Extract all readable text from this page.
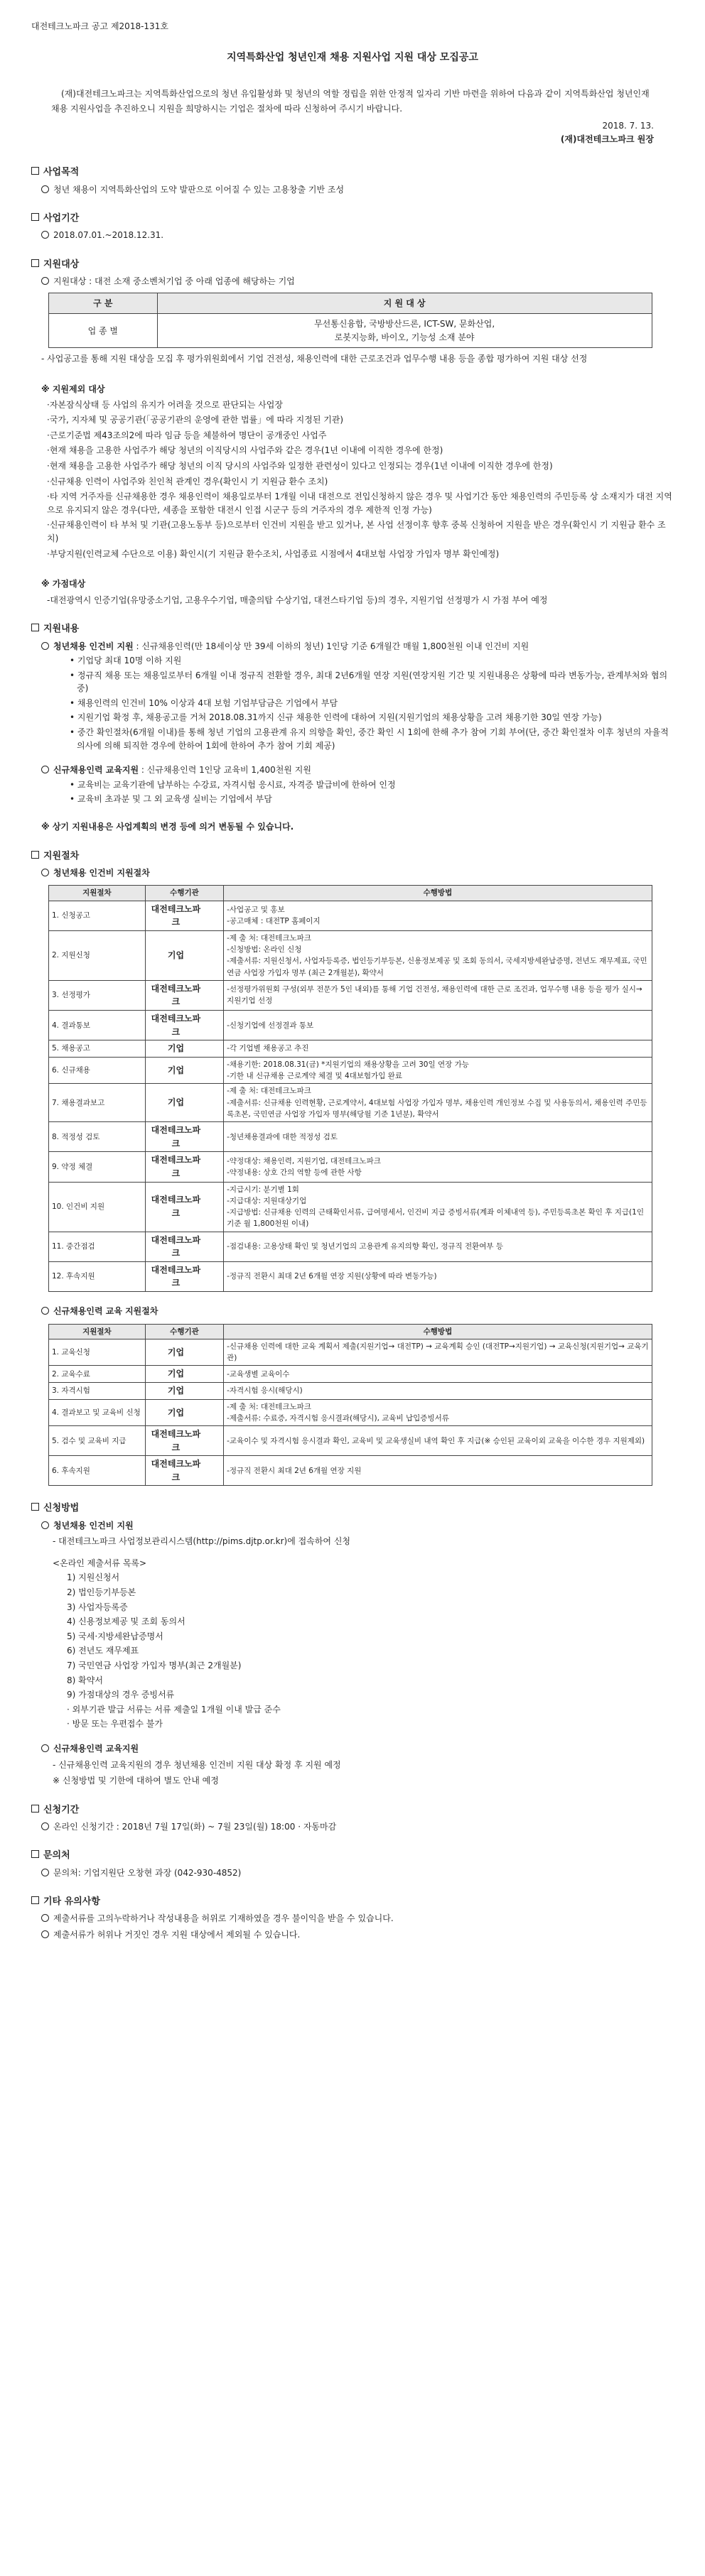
대전테크노파크 공고 제2018-131호
지역특화산업 청년인재 채용 지원사업 지원 대상 모집공고
(재)대전테크노파크는 지역특화산업으로의 청년 유입활성화 및 청년의 역할 정립을 위한 안정적 일자리 기반 마련을 위하여 다음과 같이 지역특화산업 청년인재 채용 지원사업을 추진하오니 지원을 희망하시는 기업은 절차에 따라 신청하여 주시기 바랍니다.
2018. 7. 13.
(재)대전테크노파크 원장
사업목적
청년 채용이 지역특화산업의 도약 발판으로 이어질 수 있는 고용창출 기반 조성
사업기간
2018.07.01.~2018.12.31.
지원대상
지원대상 : 대전 소재 중소벤처기업 중 아래 업종에 해당하는 기업
구 분	지 원 대 상
업 종 별	무선통신융합, 국방방산드론, ICT-SW, 문화산업,
로봇지능화, 바이오, 기능성 소재 분야
- 사업공고를 통해 지원 대상을 모집 후 평가위원회에서 기업 건전성, 채용인력에 대한 근로조건과 업무수행 내용 등을 종합 평가하여 지원 대상 선정
※ 지원제외 대상
·자본잠식상태 등 사업의 유지가 어려울 것으로 판단되는 사업장
·국가, 지자체 및 공공기관(「공공기관의 운영에 관한 법률」에 따라 지정된 기관)
·근로기준법 제43조의2에 따라 임금 등을 체불하여 명단이 공개중인 사업주
·현재 채용을 고용한 사업주가 해당 청년의 이직당시의 사업주와 같은 경우(1년 이내에 이직한 경우에 한정)
·현재 채용을 고용한 사업주가 해당 청년의 이직 당시의 사업주와 일정한 관련성이 있다고 인정되는 경우(1년 이내에 이직한 경우에 한정)
·신규채용 인력이 사업주와 친인척 관계인 경우(확인시 기 지원금 환수 조치)
·타 지역 거주자를 신규채용한 경우 채용인력이 채용일로부터 1개월 이내 대전으로 전입신청하지 않은 경우 및 사업기간 동안 채용인력의 주민등록 상 소재지가 대전 지역으로 유지되지 않은 경우(다만, 세종을 포함한 대전시 인접 시군구 등의 거주자의 경우 제한적 인정 가능)
·신규채용인력이 타 부처 및 기관(고용노동부 등)으로부터 인건비 지원을 받고 있거나, 본 사업 선정이후 향후 중복 신청하여 지원을 받은 경우(확인시 기 지원금 환수 조치)
·부당지원(인력교체 수단으로 이용) 확인시(기 지원금 환수조치, 사업종료 시점에서 4대보험 사업장 가입자 명부 확인예정)
※ 가점대상
-대전광역시 인증기업(유망중소기업, 고용우수기업, 매출의탑 수상기업, 대전스타기업 등)의 경우, 지원기업 선정평가 시 가점 부여 예정
지원내용
청년채용 인건비 지원 : 신규채용인력(만 18세이상 만 39세 이하의 청년) 1인당 기준 6개월간 매월 1,800천원 이내 인건비 지원
• 기업당 최대 10명 이하 지원
• 정규직 채용 또는 채용일로부터 6개월 이내 정규직 전환할 경우, 최대 2년6개월 연장 지원(연장지원 기간 및 지원내용은 상황에 따라 변동가능, 관계부처와 협의 중)
• 채용인력의 인건비 10% 이상과 4대 보험 기업부담금은 기업에서 부담
• 지원기업 확정 후, 채용공고를 거쳐 2018.08.31까지 신규 채용한 인력에 대하여 지원(지원기업의 채용상황을 고려 채용기한 30일 연장 가능)
• 중간 확인절차(6개월 이내)를 통해 청년 기업의 고용관계 유지 의향을 확인, 중간 확인 시 1회에 한해 추가 참여 기회 부여(단, 중간 확인절차 이후 청년의 자율적 의사에 의해 퇴직한 경우에 한하여 1회에 한하여 추가 참여 기회 제공)
신규채용인력 교육지원 : 신규채용인력 1인당 교육비 1,400천원 지원
• 교육비는 교육기관에 납부하는 수강료, 자격시험 응시료, 자격증 발급비에 한하여 인정
• 교육비 초과분 및 그 외 교육생 실비는 기업에서 부담
※ 상기 지원내용은 사업계획의 변경 등에 의거 변동될 수 있습니다.
지원절차
청년채용 인건비 지원절차
지원절차	수행기관	수행방법
1. 신청공고	대전테크노파크	-사업공고 및 홍보
-공고매체 : 대전TP 홈페이지

2. 지원신청	기업	-제 출 처: 대전테크노파크
-신청방법: 온라인 신청
-제출서류: 지원신청서, 사업자등록증, 법인등기부등본, 신용정보제공 및 조회 동의서, 국세지방세완납증명, 전년도 재무제표, 국민연금 사업장 가입자 명부 (최근 2개월분), 확약서

3. 선정평가	대전테크노파크	-선정평가위원회 구성(외부 전문가 5인 내외)를 통해 기업 건전성, 채용인력에 대한 근로 조건과, 업무수행 내용 등을 평가 실시→지원기업 선정

4. 결과통보	대전테크노파크	-신청기업에 선정결과 통보

5. 채용공고	기업	-각 기업별 채용공고 추진

6. 신규채용	기업	-채용기한: 2018.08.31(금) *지원기업의 채용상황을 고려 30일 연장 가능
-기한 내 신규채용 근로계약 체결 및 4대보험가입 완료

7. 채용결과보고	기업	-제 출 처: 대전테크노파크
-제출서류: 신규채용 인력현황, 근로계약서, 4대보험 사업장 가입자 명부, 채용인력 개인정보 수집 및 사용동의서, 채용인력 주민등록초본, 국민연금 사업장 가입자 명부(해당월 기준 1년분), 확약서

8. 적정성 검토	대전테크노파크	-청년채용결과에 대한 적정성 검토

9. 약정 체결	대전테크노파크	-약정대상: 채용인력, 지원기업, 대전테크노파크
-약정내용: 상호 간의 역할 등에 관한 사항

10. 인건비 지원	대전테크노파크	-지급시기: 분기별 1회
-지급대상: 지원대상기업
-지급방법: 신규채용 인력의 근태확인서류, 급여명세서, 인건비 지급 증빙서류(계좌 이체내역 등), 주민등록초본 확인 후 지급(1인 기준 월 1,800천원 이내)

11. 중간점검	대전테크노파크	-점검내용: 고용상태 확인 및 청년기업의 고용관계 유지의향 확인, 정규직 전환여부 등

12. 후속지원	대전테크노파크	-정규직 전환시 최대 2년 6개월 연장 지원(상황에 따라 변동가능)
신규채용인력 교육 지원절차
지원절차	수행기관	수행방법
1. 교육신청	기업	-신규채용 인력에 대한 교육 계획서 제출(지원기업→ 대전TP) → 교육계획 승인 (대전TP→지원기업) → 교육신청(지원기업→ 교육기관)

2. 교육수료	기업	-교육생별 교육이수

3. 자격시험	기업	-자격시험 응시(해당시)

4. 결과보고 및 교육비 신청	기업	-제 출 처: 대전테크노파크
-제출서류: 수료증, 자격시험 응시결과(해당시), 교육비 납입증빙서류

5. 검수 및 교육비 지급	대전테크노파크	-교육이수 및 자격시험 응시결과 확인, 교육비 및 교육생실비 내역 확인 후 지급(※ 승인된 교육이외 교육을 이수한 경우 지원제외)

6. 후속지원	대전테크노파크	-정규직 전환시 최대 2년 6개월 연장 지원
신청방법
청년채용 인건비 지원
- 대전테크노파크 사업정보관리시스템(http://pims.djtp.or.kr)에 접속하여 신청
<온라인 제출서류 목록>
1) 지원신청서
2) 법인등기부등본
3) 사업자등록증
4) 신용정보제공 및 조회 동의서
5) 국세·지방세완납증명서
6) 전년도 재무제표
7) 국민연금 사업장 가입자 명부(최근 2개월분)
8) 확약서
9) 가점대상의 경우 증빙서류
· 외부기관 발급 서류는 서류 제출일 1개월 이내 발급 준수
· 방문 또는 우편접수 불가
신규채용인력 교육지원
- 신규채용인력 교육지원의 경우 청년채용 인건비 지원 대상 확정 후 지원 예정
※ 신청방법 및 기한에 대하여 별도 안내 예정
신청기간
온라인 신청기간 : 2018년 7월 17일(화) ~ 7월 23일(월) 18:00 · 자동마감
문의처
문의처: 기업지원단 오창현 과장 (042-930-4852)
기타 유의사항
제출서류를 고의누락하거나 작성내용을 허위로 기재하였을 경우 불이익을 받을 수 있습니다.
제출서류가 허위나 거짓인 경우 지원 대상에서 제외될 수 있습니다.
